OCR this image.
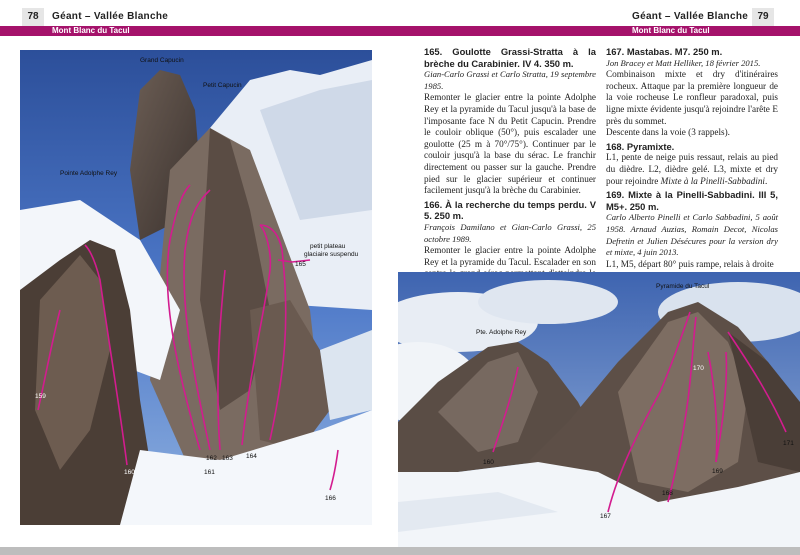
78	Géant – Vallée Blanche
Mont Blanc du Tacul
Géant – Vallée Blanche 79
Mont Blanc du Tacul
Grand Capucin
Petit Capucin
Pointe Adolphe Rey
petit plateau
glaciaire suspendu
159
160	161
162 163 164
165
166

165. Goulotte Grassi-Stratta à la brèche du Carabinier. IV 4. 350 m.

Gian-Carlo Grassi et Carlo Stratta, 19 septembre 1985.

Remonter le glacier entre la pointe Adolphe Rey et la pyramide du Tacul jusqu'à la base de l'imposante face N du Petit Capucin. Prendre le couloir oblique (50°), puis escalader une goulotte (25 m à 70°/75°). Continuer par le couloir jusqu'à la base du sérac. Le franchir directement ou passer sur la gauche. Prendre pied sur le glacier supérieur et continuer facilement jusqu'à la brèche du Carabinier.

166. À la recherche du temps perdu. V 5. 250 m.

François Damilano et Gian-Carlo Grassi, 25 octobre 1989.

Remonter le glacier entre la pointe Adolphe Rey et la pyramide du Tacul. Escalader en son

167. Mastabas. M7. 250 m.

Jon Bracey et Matt Helliker, 18 février 2015.

Combinaison mixte et dry d'itinéraires rocheux. Attaque par la première longueur de la voie rocheuse Le ronfleur paradoxal, puis ligne mixte évidente jusqu'à rejoindre l'arête E près du sommet.

Descente dans la voie (3 rappels).

168. Pyramixte.

L1, pente de neige puis ressaut, relais au pied du dièdre. L2, dièdre gelé. L3, mixte et dry pour rejoindre Mixte à la Pinelli-Sabbadini.

169. Mixte à la Pinelli-Sabbadini. III 5, M5+. 250 m.

Carlo Alberto Pinelli et Carlo Sabbadini, 5 août 1958. Arnaud Auzias, Romain Decot, Nicolas Defretin et Julien Désécures pour la version dry et mixte, 4 juin 2013.

L1, M5, départ 80° puis rampe, relais à droite

Pyramide du Tacul
Pte. Adolphe Rey
160
167
168
169
170
171
